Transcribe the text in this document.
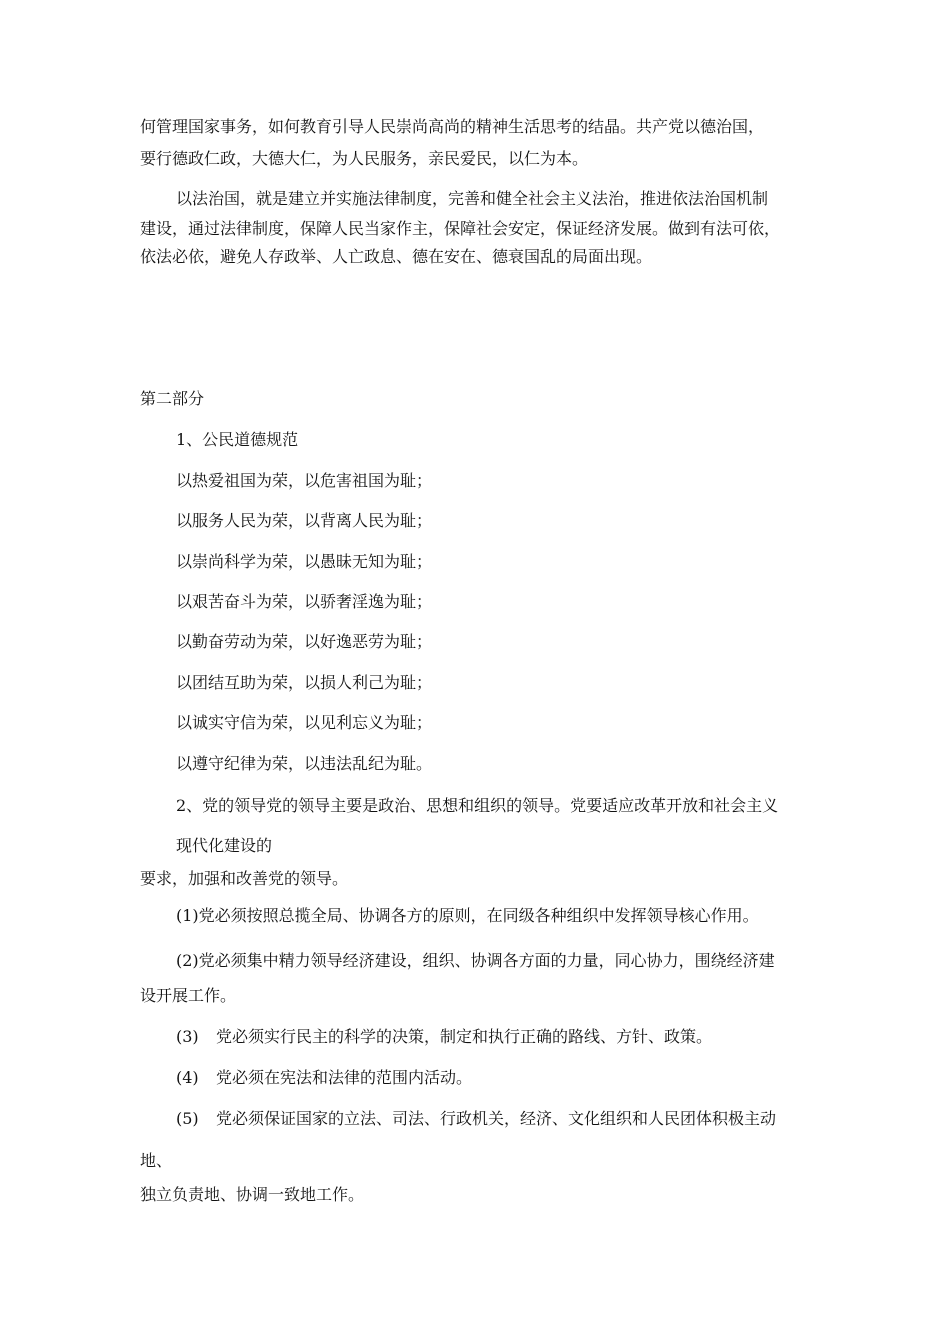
何管理国家事务，如何教育引导人民崇尚高尚的精神生活思考的结晶。共产党以德治国，
要行德政仁政，大德大仁，为人民服务，亲民爱民，以仁为本。
以法治国，就是建立并实施法律制度，完善和健全社会主义法治，推进依法治国机制
建设，通过法律制度，保障人民当家作主，保障社会安定，保证经济发展。做到有法可依，
依法必依，避免人存政举、人亡政息、德在安在、德衰国乱的局面出现。
第二部分
1、公民道德规范
以热爱祖国为荣，以危害祖国为耻；
以服务人民为荣，以背离人民为耻；
以崇尚科学为荣，以愚昧无知为耻；
以艰苦奋斗为荣，以骄奢淫逸为耻；
以勤奋劳动为荣，以好逸恶劳为耻；
以团结互助为荣，以损人利己为耻；
以诚实守信为荣，以见利忘义为耻；
以遵守纪律为荣，以违法乱纪为耻。
2、党的领导党的领导主要是政治、思想和组织的领导。党要适应改革开放和社会主义
现代化建设的
要求，加强和改善党的领导。
(1)党必须按照总揽全局、协调各方的原则，在同级各种组织中发挥领导核心作用。
(2)党必须集中精力领导经济建设，组织、协调各方面的力量，同心协力，围绕经济建
设开展工作。
(3) 党必须实行民主的科学的决策，制定和执行正确的路线、方针、政策。
(4) 党必须在宪法和法律的范围内活动。
(5) 党必须保证国家的立法、司法、行政机关，经济、文化组织和人民团体积极主动
地、
独立负责地、协调一致地工作。
